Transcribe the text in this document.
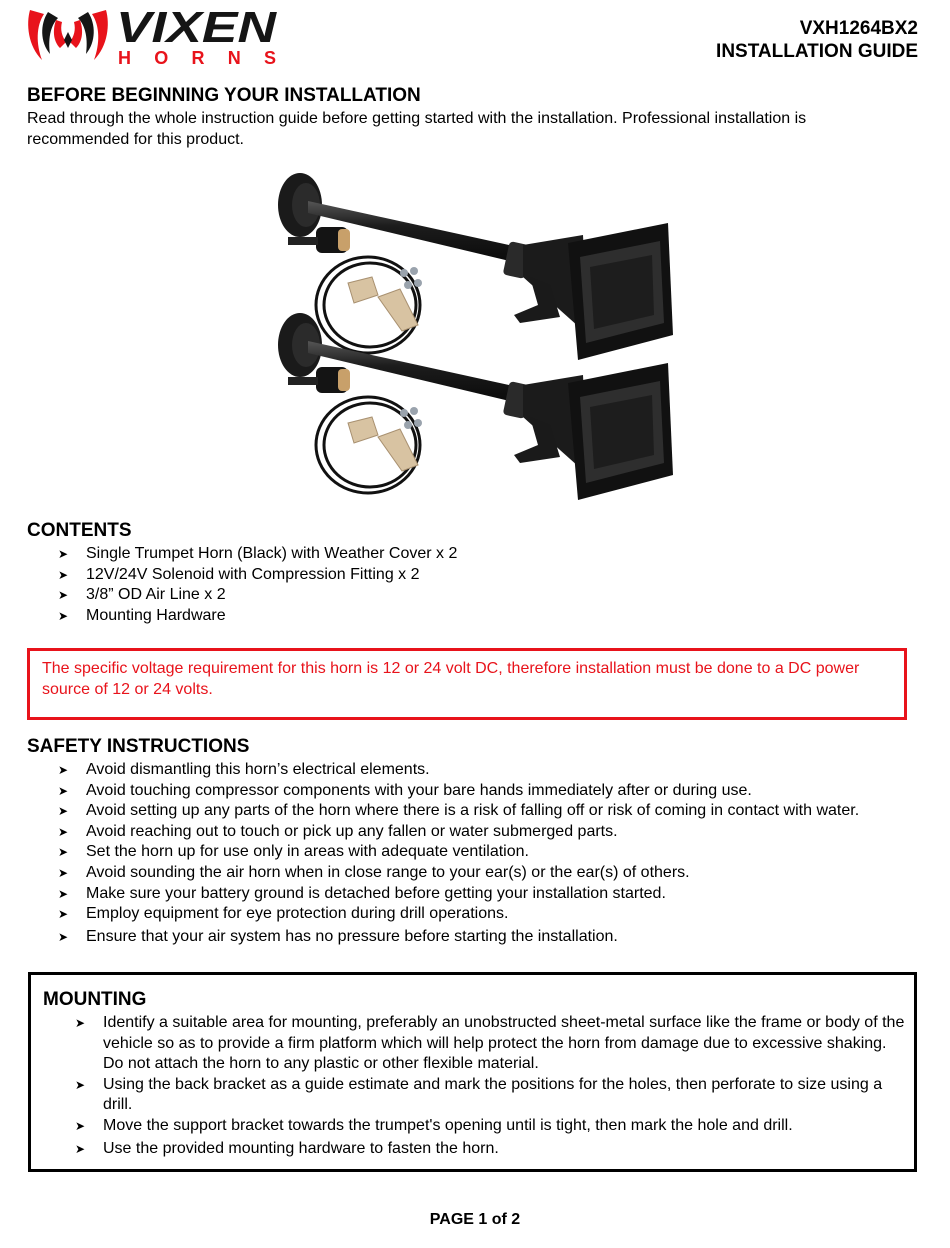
VIXEN
HORNS
VXH1264BX2
INSTALLATION GUIDE
BEFORE BEGINNING YOUR INSTALLATION

Read through the whole instruction guide before getting started with the installation. Professional installation is recommended for this product.

CONTENTS
➤ Single Trumpet Horn (Black) with Weather Cover x 2
➤ 12V/24V Solenoid with Compression Fitting x 2
➤ 3/8” OD Air Line x 2
➤ Mounting Hardware
The specific voltage requirement for this horn is 12 or 24 volt DC, therefore installation must be done to a DC power source of 12 or 24 volts.
SAFETY INSTRUCTIONS
➤ Avoid dismantling this horn’s electrical elements.
➤ Avoid touching compressor components with your bare hands immediately after or during use.
➤ Avoid setting up any parts of the horn where there is a risk of falling off or risk of coming in contact with water.
➤ Avoid reaching out to touch or pick up any fallen or water submerged parts.
➤ Set the horn up for use only in areas with adequate ventilation.
➤ Avoid sounding the air horn when in close range to your ear(s) or the ear(s) of others.
➤ Make sure your battery ground is detached before getting your installation started.
➤ Employ equipment for eye protection during drill operations.
➤ Ensure that your air system has no pressure before starting the installation.
MOUNTING
➤ Identify a suitable area for mounting, preferably an unobstructed sheet-metal surface like the frame or body of the vehicle so as to provide a firm platform which will help protect the horn from damage due to excessive shaking. Do not attach the horn to any plastic or other flexible material.
➤ Using the back bracket as a guide estimate and mark the positions for the holes, then perforate to size using a drill.
➤ Move the support bracket towards the trumpet's opening until is tight, then mark the hole and drill.
➤ Use the provided mounting hardware to fasten the horn.
PAGE 1 of 2
